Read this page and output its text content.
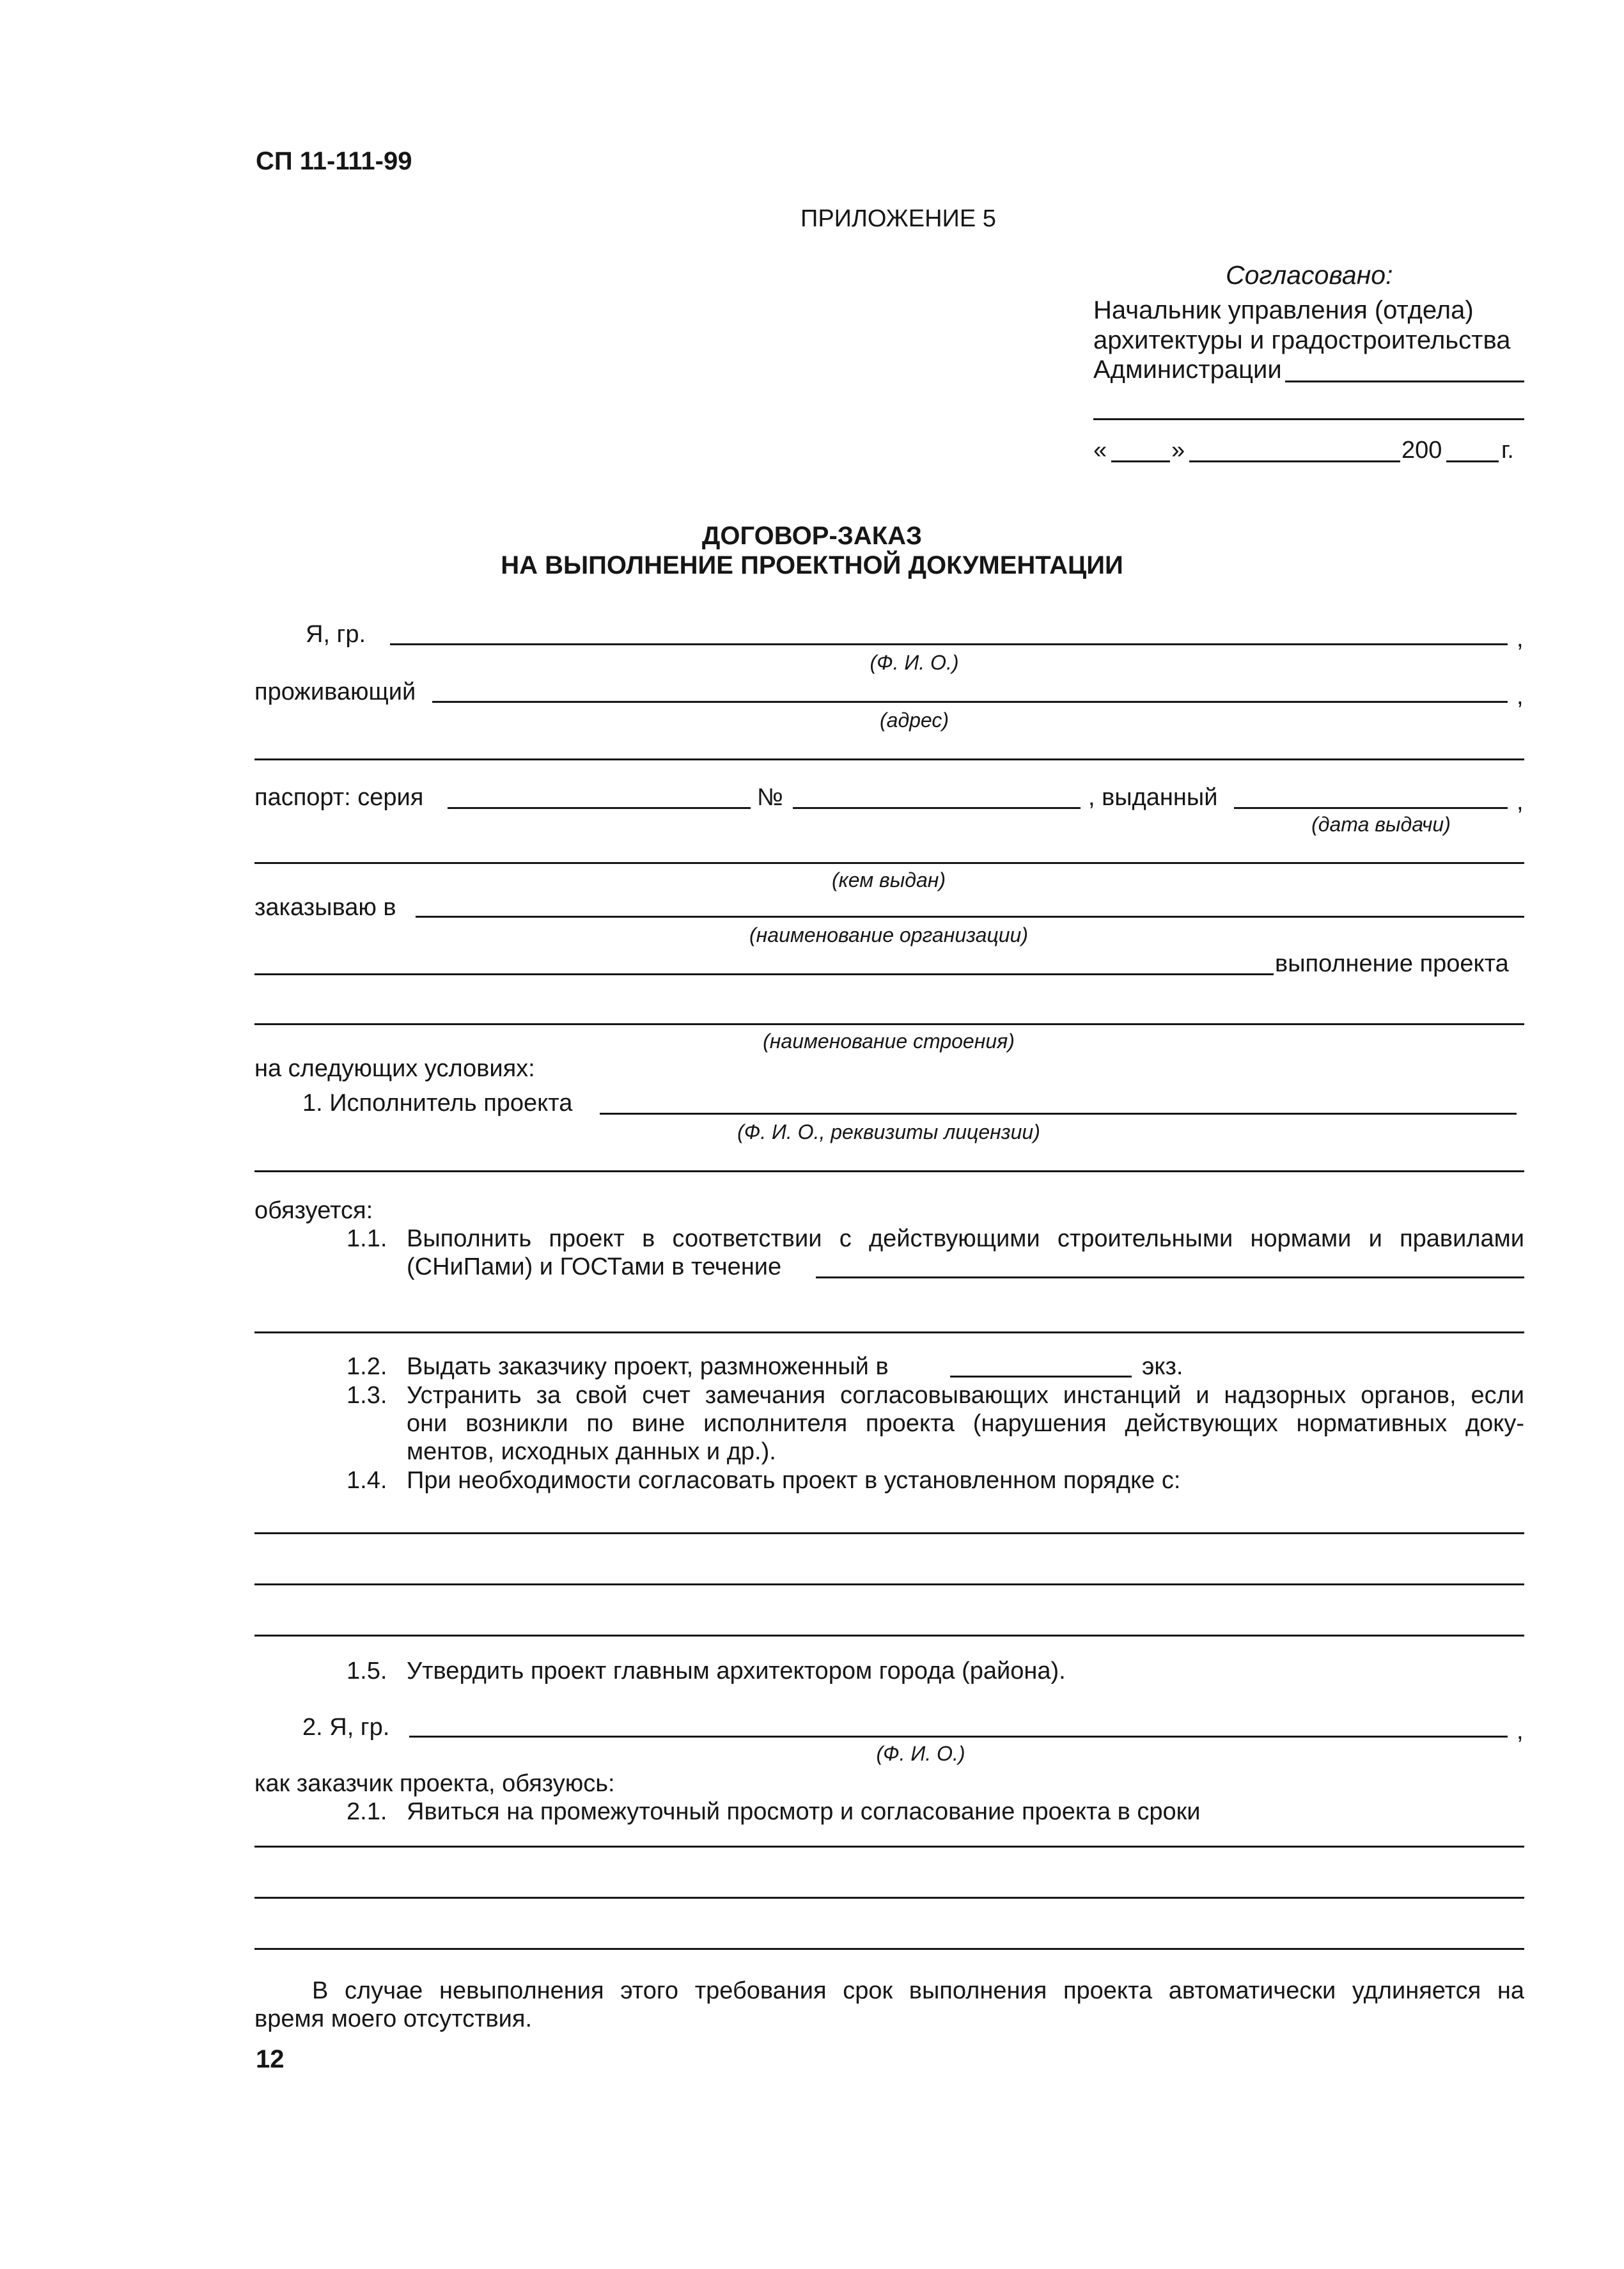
СП 11-111-99
ПРИЛОЖЕНИЕ 5
Согласовано:
Начальник управления (отдела)
архитектуры и градостроительства
Администрации
«	»	200 г.
ДОГОВОР-ЗАКАЗ
НА ВЫПОЛНЕНИЕ ПРОЕКТНОЙ ДОКУМЕНТАЦИИ
Я, гр.	,
(Ф. И. О.)
проживающий	,
(адрес)
паспорт: серия	№	, выданный	,
(дата выдачи)
(кем выдан)
заказываю в
(наименование организации)
выполнение проекта
(наименование строения)
на следующих условиях:
1. Исполнитель проекта
(Ф. И. О., реквизиты лицензии)
обязуется:
1.1. Выполнить проект в соответствии с действующими строительными нормами и правилами
(СНиПами) и ГОСТами в течение
1.2. Выдать заказчику проект, размноженный в	экз.
1.3. Устранить за свой счет замечания согласовывающих инстанций и надзорных органов, если
они возникли по вине исполнителя проекта (нарушения действующих нормативных доку-
ментов, исходных данных и др.).
1.4. При необходимости согласовать проект в установленном порядке с:
1.5. Утвердить проект главным архитектором города (района).
2. Я, гр.	,
(Ф. И. О.)
как заказчик проекта, обязуюсь:
2.1. Явиться на промежуточный просмотр и согласование проекта в сроки
В случае невыполнения этого требования срок выполнения проекта автоматически удлиняется на
время моего отсутствия.
12
